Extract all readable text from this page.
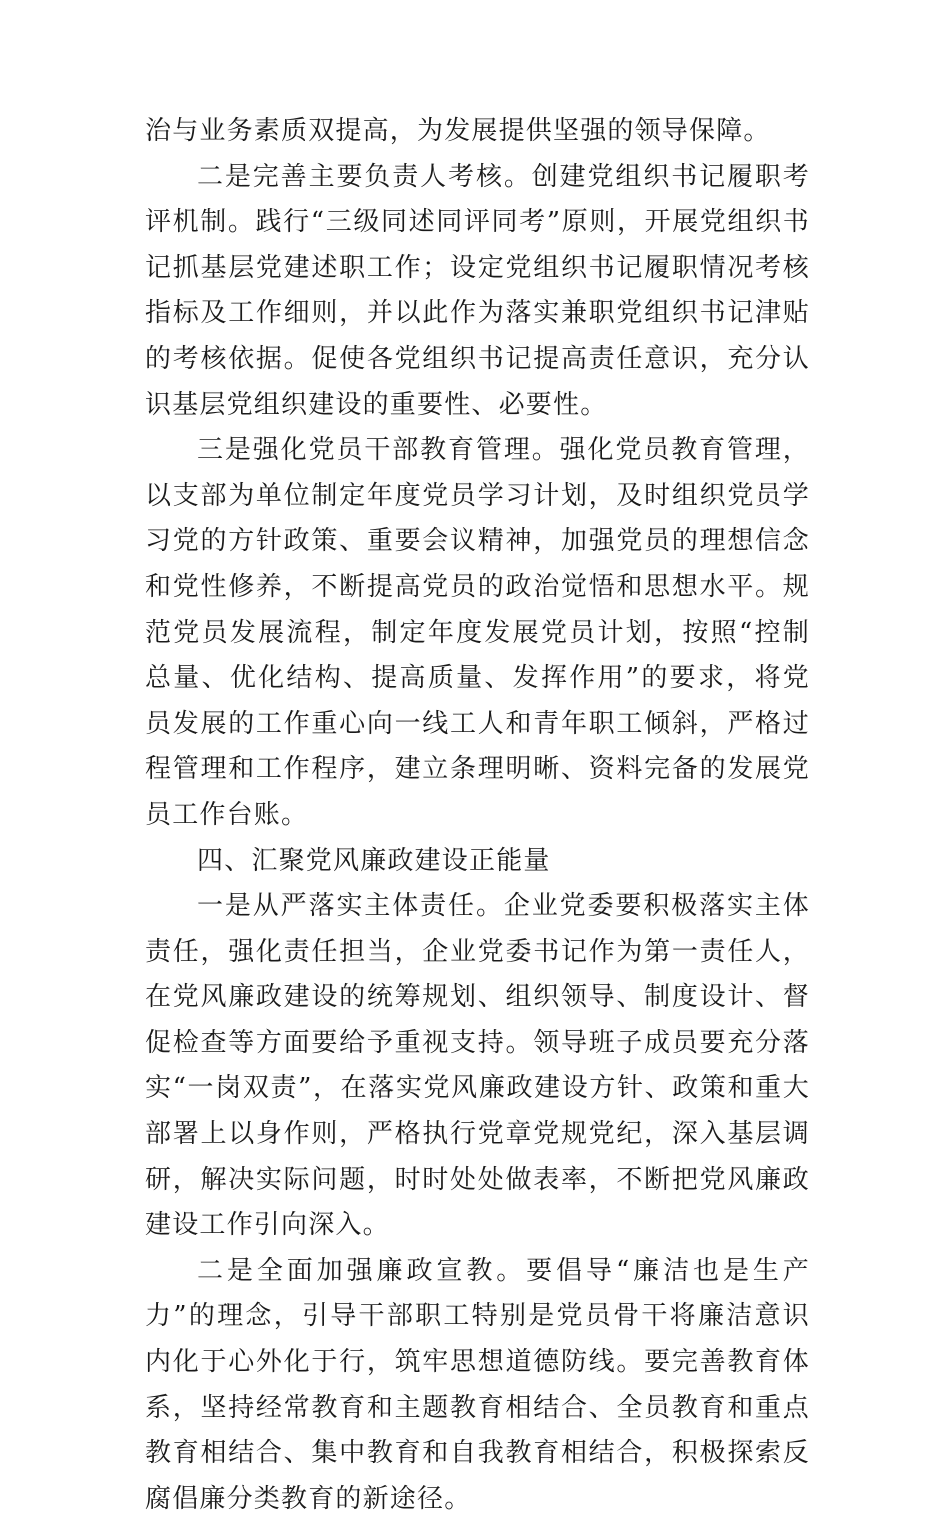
治与业务素质双提高，为发展提供坚强的领导保障。

二是完善主要负责人考核。创建党组织书记履职考评机制。践行“三级同述同评同考”原则，开展党组织书记抓基层党建述职工作；设定党组织书记履职情况考核指标及工作细则，并以此作为落实兼职党组织书记津贴的考核依据。促使各党组织书记提高责任意识，充分认识基层党组织建设的重要性、必要性。

三是强化党员干部教育管理。强化党员教育管理，以支部为单位制定年度党员学习计划，及时组织党员学习党的方针政策、重要会议精神，加强党员的理想信念和党性修养，不断提高党员的政治觉悟和思想水平。规范党员发展流程，制定年度发展党员计划，按照“控制总量、优化结构、提高质量、发挥作用”的要求，将党员发展的工作重心向一线工人和青年职工倾斜，严格过程管理和工作程序，建立条理明晰、资料完备的发展党员工作台账。

四、汇聚党风廉政建设正能量

一是从严落实主体责任。企业党委要积极落实主体责任，强化责任担当，企业党委书记作为第一责任人，在党风廉政建设的统筹规划、组织领导、制度设计、督促检查等方面要给予重视支持。领导班子成员要充分落实“一岗双责”，在落实党风廉政建设方针、政策和重大部署上以身作则，严格执行党章党规党纪，深入基层调研，解决实际问题，时时处处做表率，不断把党风廉政建设工作引向深入。

二是全面加强廉政宣教。要倡导“廉洁也是生产力”的理念，引导干部职工特别是党员骨干将廉洁意识内化于心外化于行，筑牢思想道德防线。要完善教育体系，坚持经常教育和主题教育相结合、全员教育和重点教育相结合、集中教育和自我教育相结合，积极探索反腐倡廉分类教育的新途径。
